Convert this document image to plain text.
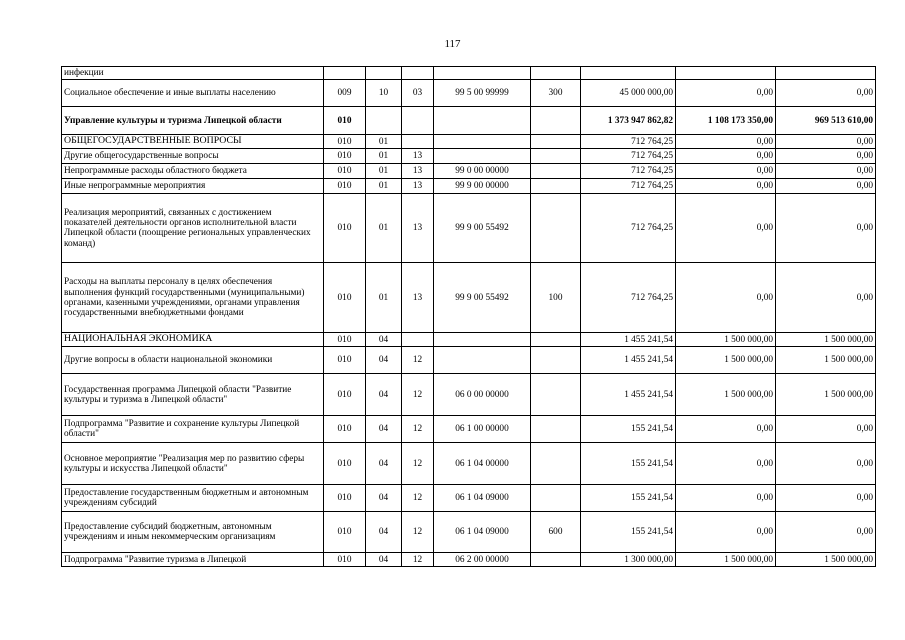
117
инфекции								
Социальное обеспечение и иные выплаты населению	009	10	03	99 5 00 99999	300	45 000 000,00	0,00	0,00
Управление культуры и туризма Липецкой области	010					1 373 947 862,82	1 108 173 350,00	969 513 610,00
ОБЩЕГОСУДАРСТВЕННЫЕ ВОПРОСЫ	010	01				712 764,25	0,00	0,00
Другие общегосударственные вопросы	010	01	13			712 764,25	0,00	0,00
Непрограммные расходы областного бюджета	010	01	13	99 0 00 00000		712 764,25	0,00	0,00
Иные непрограммные мероприятия	010	01	13	99 9 00 00000		712 764,25	0,00	0,00
Реализация мероприятий, связанных с достижением показателей деятельности органов исполнительной власти Липецкой области (поощрение региональных управленческих команд)	010	01	13	99 9 00 55492		712 764,25	0,00	0,00
Расходы на выплаты персоналу в целях обеспечения выполнения функций государственными (муниципальными) органами, казенными учреждениями, органами управления государственными внебюджетными фондами	010	01	13	99 9 00 55492	100	712 764,25	0,00	0,00
НАЦИОНАЛЬНАЯ ЭКОНОМИКА	010	04				1 455 241,54	1 500 000,00	1 500 000,00
Другие вопросы в области национальной экономики	010	04	12			1 455 241,54	1 500 000,00	1 500 000,00
Государственная программа Липецкой области "Развитие культуры и туризма в Липецкой области"	010	04	12	06 0 00 00000		1 455 241,54	1 500 000,00	1 500 000,00
Подпрограмма "Развитие и сохранение культуры Липецкой области"	010	04	12	06 1 00 00000		155 241,54	0,00	0,00
Основное мероприятие "Реализация мер по развитию сферы культуры и искусства Липецкой области"	010	04	12	06 1 04 00000		155 241,54	0,00	0,00
Предоставление государственным бюджетным и автономным учреждениям субсидий	010	04	12	06 1 04 09000		155 241,54	0,00	0,00
Предоставление субсидий бюджетным, автономным учреждениям и иным некоммерческим организациям	010	04	12	06 1 04 09000	600	155 241,54	0,00	0,00
Подпрограмма "Развитие туризма в Липецкой	010	04	12	06 2 00 00000		1 300 000,00	1 500 000,00	1 500 000,00
